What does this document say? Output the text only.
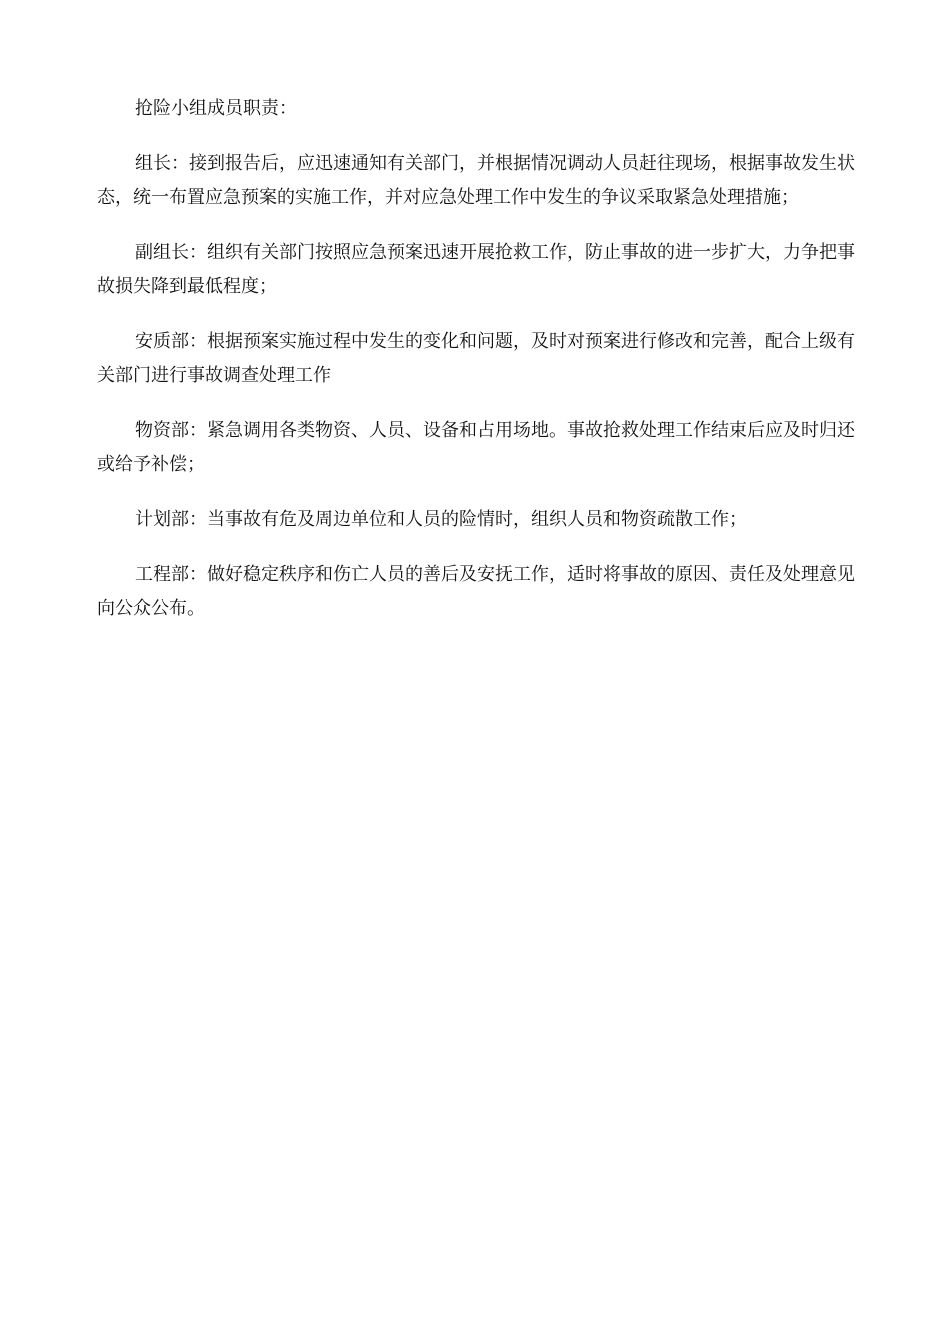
抢险小组成员职责：

组长：接到报告后，应迅速通知有关部门，并根据情况调动人员赶往现场，根据事故发生状态，统一布置应急预案的实施工作，并对应急处理工作中发生的争议采取紧急处理措施；

副组长：组织有关部门按照应急预案迅速开展抢救工作，防止事故的进一步扩大，力争把事故损失降到最低程度；

安质部：根据预案实施过程中发生的变化和问题，及时对预案进行修改和完善，配合上级有关部门进行事故调查处理工作

物资部：紧急调用各类物资、人员、设备和占用场地。事故抢救处理工作结束后应及时归还或给予补偿；

计划部：当事故有危及周边单位和人员的险情时，组织人员和物资疏散工作；

工程部：做好稳定秩序和伤亡人员的善后及安抚工作，适时将事故的原因、责任及处理意见向公众公布。
